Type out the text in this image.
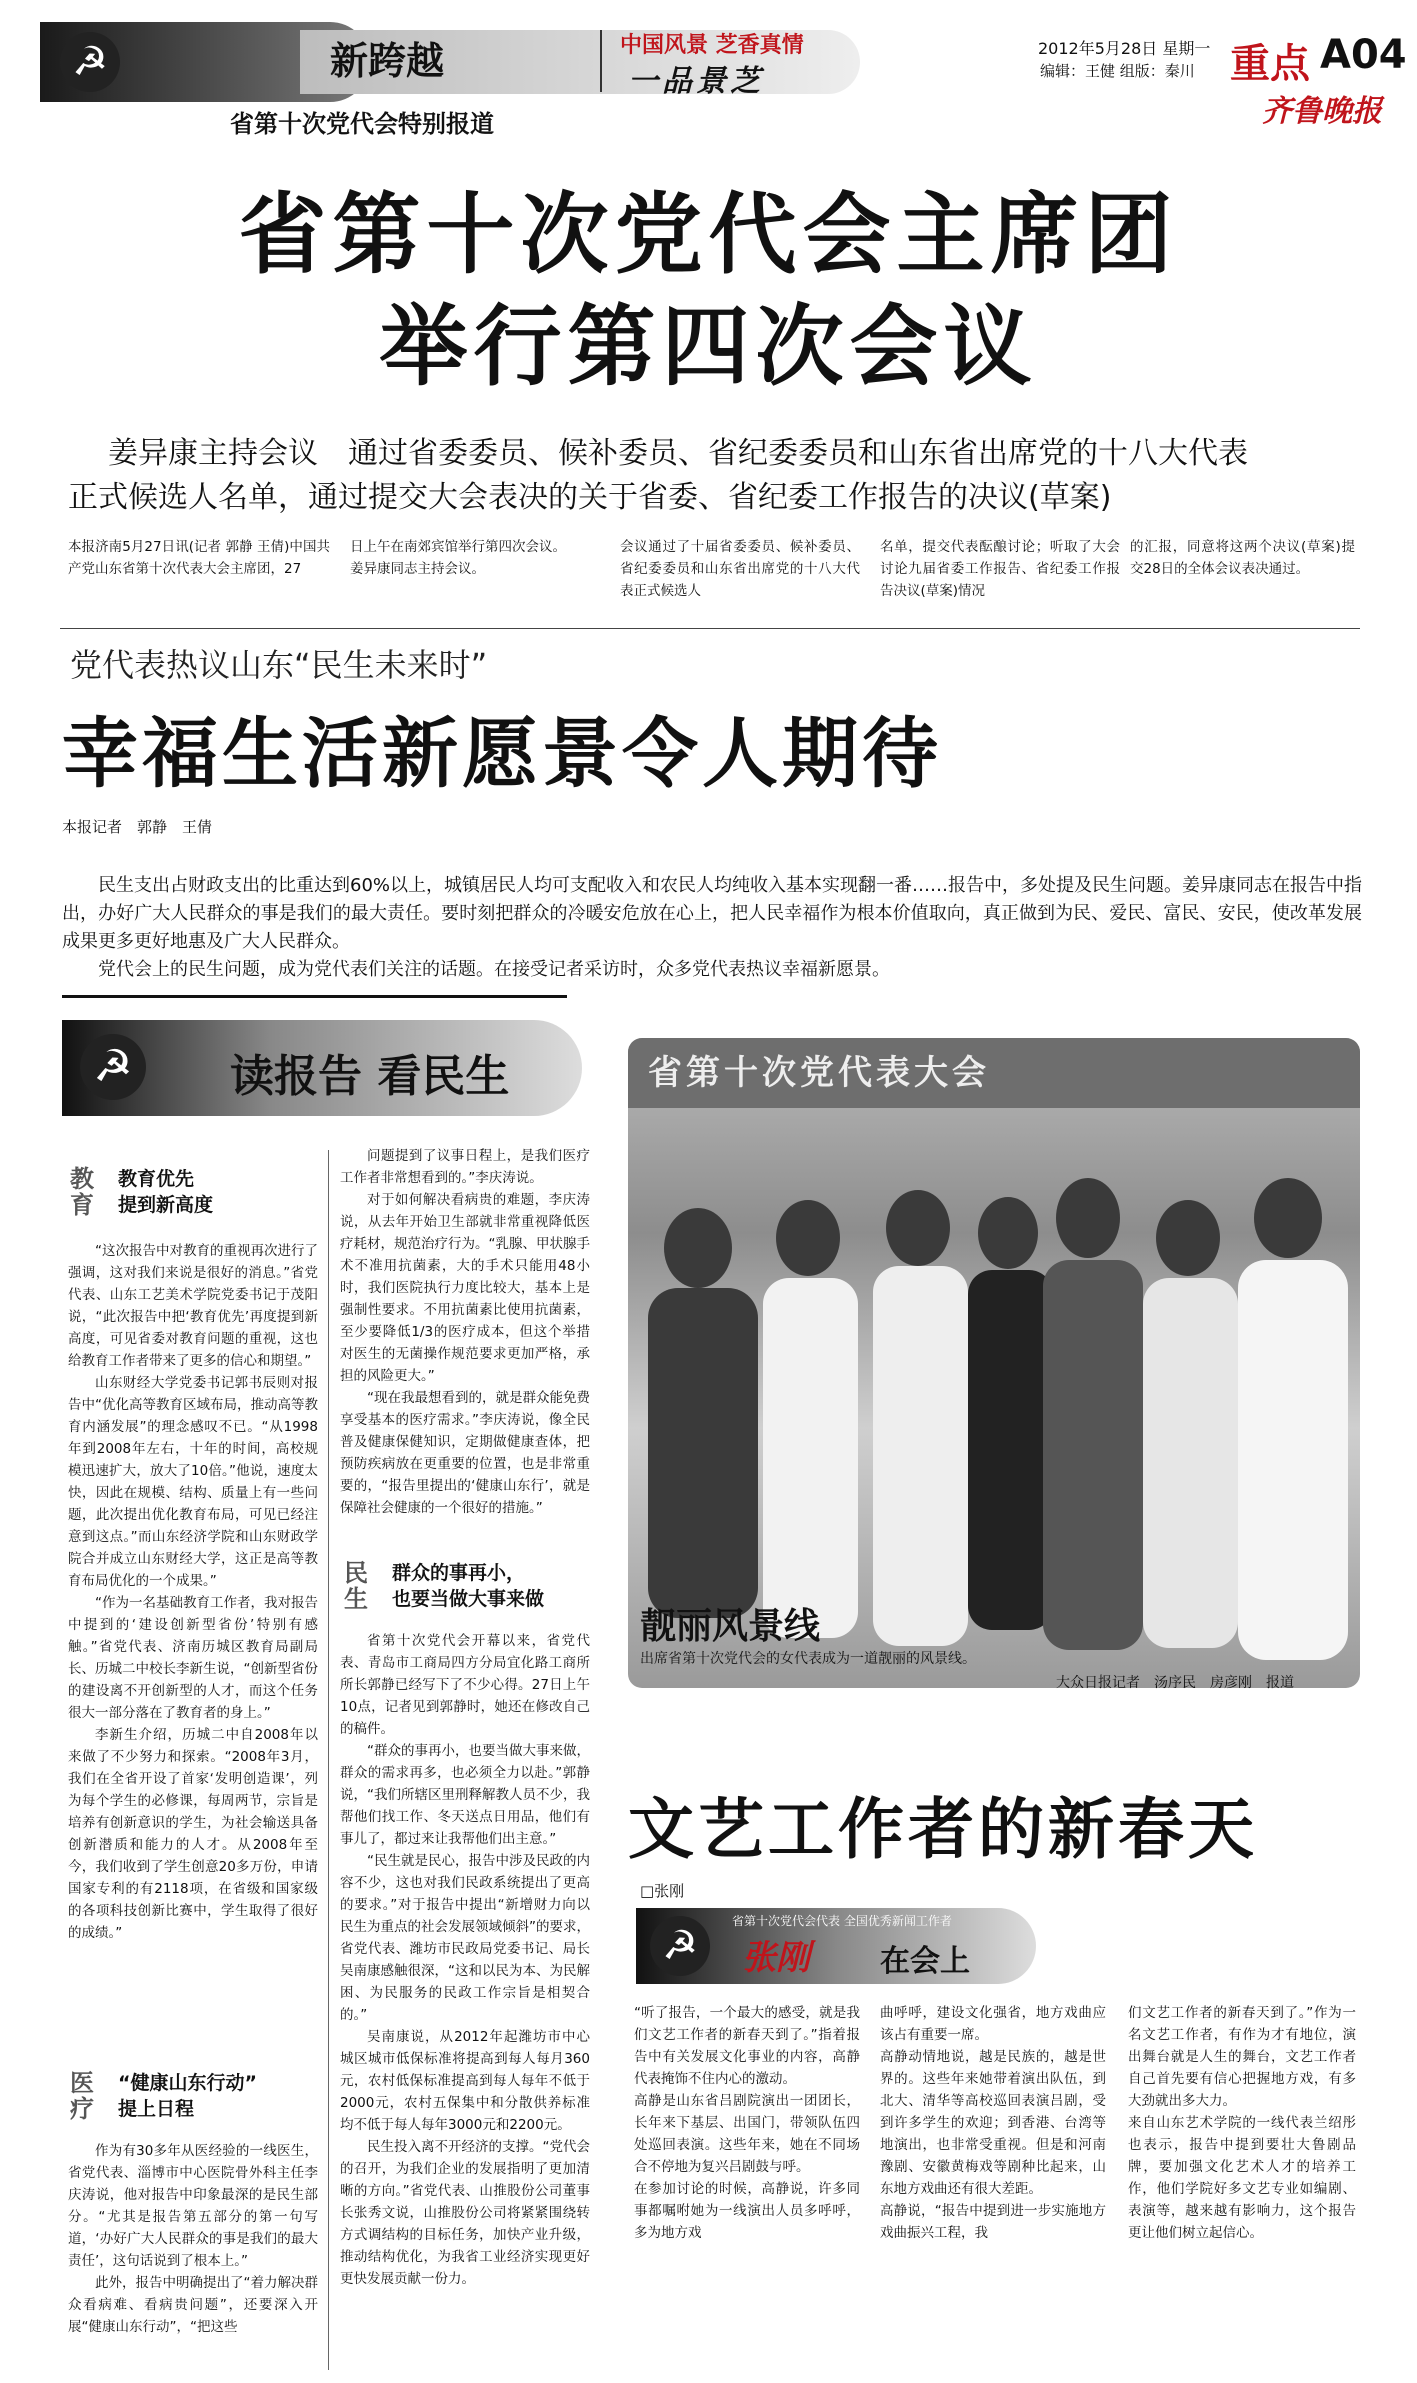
☭	新跨越	中国风景 芝香真情
一品景芝
省第十次党代会特别报道
2012年5月28日 星期一
编辑：王健 组版：秦川 重点 A04
齐鲁晚报
省第十次党代会主席团
举行第四次会议
姜异康主持会议　通过省委委员、候补委员、省纪委委员和山东省出席党的十八大代表
正式候选人名单，通过提交大会表决的关于省委、省纪委工作报告的决议(草案)
本报济南5月27日讯(记者 郭静 王倩)中国共产党山东省第十次代表大会主席团，27
日上午在南郊宾馆举行第四次会议。
姜异康同志主持会议。
会议通过了十届省委委员、候补委员、省纪委委员和山东省出席党的十八大代表正式候选人
名单，提交代表酝酿讨论；听取了大会讨论九届省委工作报告、省纪委工作报告决议(草案)情况
的汇报，同意将这两个决议(草案)提交28日的全体会议表决通过。
党代表热议山东“民生未来时”
幸福生活新愿景令人期待
本报记者　郭静　王倩
民生支出占财政支出的比重达到60%以上，城镇居民人均可支配收入和农民人均纯收入基本实现翻一番……报告中，多处提及民生问题。姜异康同志在报告中指出，办好广大人民群众的事是我们的最大责任。要时刻把群众的冷暖安危放在心上，把人民幸福作为根本价值取向，真正做到为民、爱民、富民、安民，使改革发展成果更多更好地惠及广大人民群众。
党代会上的民生问题，成为党代表们关注的话题。在接受记者采访时，众多党代表热议幸福新愿景。
☭	读报告 看民生
教育
教育优先
提到新高度

“这次报告中对教育的重视再次进行了强调，这对我们来说是很好的消息。”省党代表、山东工艺美术学院党委书记于茂阳说，“此次报告中把‘教育优先’再度提到新高度，可见省委对教育问题的重视，这也给教育工作者带来了更多的信心和期望。”

山东财经大学党委书记郭书辰则对报告中“优化高等教育区域布局，推动高等教育内涵发展”的理念感叹不已。“从1998年到2008年左右，十年的时间，高校规模迅速扩大，放大了10倍。”他说，速度太快，因此在规模、结构、质量上有一些问题，此次提出优化教育布局，可见已经注意到这点。”而山东经济学院和山东财政学院合并成立山东财经大学，这正是高等教育布局优化的一个成果。”

“作为一名基础教育工作者，我对报告中提到的‘建设创新型省份’特别有感触。”省党代表、济南历城区教育局副局长、历城二中校长李新生说，“创新型省份的建设离不开创新型的人才，而这个任务很大一部分落在了教育者的身上。”

李新生介绍，历城二中自2008年以来做了不少努力和探索。“2008年3月，我们在全省开设了首家‘发明创造课’，列为每个学生的必修课，每周两节，宗旨是培养有创新意识的学生，为社会输送具备创新潜质和能力的人才。从2008年至今，我们收到了学生创意20多万份，申请国家专利的有2118项，在省级和国家级的各项科技创新比赛中，学生取得了很好的成绩。”

医疗
“健康山东行动”
提上日程

作为有30多年从医经验的一线医生，省党代表、淄博市中心医院骨外科主任李庆涛说，他对报告中印象最深的是民生部分。“尤其是报告第五部分的第一句写道，‘办好广大人民群众的事是我们的最大责任’，这句话说到了根本上。”

此外，报告中明确提出了“着力解决群众看病难、看病贵问题”，还要深入开展“健康山东行动”，“把这些

问题提到了议事日程上，是我们医疗工作者非常想看到的。”李庆涛说。

对于如何解决看病贵的难题，李庆涛说，从去年开始卫生部就非常重视降低医疗耗材，规范治疗行为。“乳腺、甲状腺手术不准用抗菌素，大的手术只能用48小时，我们医院执行力度比较大，基本上是强制性要求。不用抗菌素比使用抗菌素，至少要降低1/3的医疗成本，但这个举措对医生的无菌操作规范要求更加严格，承担的风险更大。”

“现在我最想看到的，就是群众能免费享受基本的医疗需求。”李庆涛说，像全民普及健康保健知识，定期做健康查体，把预防疾病放在更重要的位置，也是非常重要的，“报告里提出的‘健康山东行’，就是保障社会健康的一个很好的措施。”

民生
群众的事再小，
也要当做大事来做

省第十次党代会开幕以来，省党代表、青岛市工商局四方分局宜化路工商所所长郭静已经写下了不少心得。27日上午10点，记者见到郭静时，她还在修改自己的稿件。

“群众的事再小，也要当做大事来做，群众的需求再多，也必须全力以赴。”郭静说，“我们所辖区里刑释解教人员不少，我帮他们找工作、冬天送点日用品，他们有事儿了，都过来让我帮他们出主意。”

“民生就是民心，报告中涉及民政的内容不少，这也对我们民政系统提出了更高的要求。”对于报告中提出“新增财力向以民生为重点的社会发展领域倾斜”的要求，省党代表、潍坊市民政局党委书记、局长吴南康感触很深，“这和以民为本、为民解困、为民服务的民政工作宗旨是相契合的。”

吴南康说，从2012年起潍坊市中心城区城市低保标准将提高到每人每月360元，农村低保标准提高到每人每年不低于2000元，农村五保集中和分散供养标准均不低于每人每年3000元和2200元。

民生投入离不开经济的支撑。“党代会的召开，为我们企业的发展指明了更加清晰的方向。”省党代表、山推股份公司董事长张秀文说，山推股份公司将紧紧围绕转方式调结构的目标任务，加快产业升级，推动结构优化，为我省工业经济实现更好更快发展贡献一份力。

省第十次党代表大会
靓丽风景线
出席省第十次党代会的女代表成为一道靓丽的风景线。
大众日报记者　汤序民　房彦刚　报道
文艺工作者的新春天
□张刚
☭
省第十次党代会代表 全国优秀新闻工作者
张刚 在会上
“听了报告，一个最大的感受，就是我们文艺工作者的新春天到了。”指着报告中有关发展文化事业的内容，高静代表掩饰不住内心的激动。
高静是山东省吕剧院演出一团团长，长年来下基层、出国门，带领队伍四处巡回表演。这些年来，她在不同场合不停地为复兴吕剧鼓与呼。
在参加讨论的时候，高静说，许多同事都嘱咐她为一线演出人员多呼呼，多为地方戏
曲呼呼，建设文化强省，地方戏曲应该占有重要一席。
高静动情地说，越是民族的，越是世界的。这些年来她带着演出队伍，到北大、清华等高校巡回表演吕剧，受到许多学生的欢迎；到香港、台湾等地演出，也非常受重视。但是和河南豫剧、安徽黄梅戏等剧种比起来，山东地方戏曲还有很大差距。
高静说，“报告中提到进一步实施地方戏曲振兴工程，我
们文艺工作者的新春天到了。”作为一名文艺工作者，有作为才有地位，演出舞台就是人生的舞台，文艺工作者自己首先要有信心把握地方戏，有多大劲就出多大力。
来自山东艺术学院的一线代表兰绍彤也表示，报告中提到要壮大鲁剧品牌，要加强文化艺术人才的培养工作，他们学院好多文艺专业如编剧、表演等，越来越有影响力，这个报告更让他们树立起信心。
